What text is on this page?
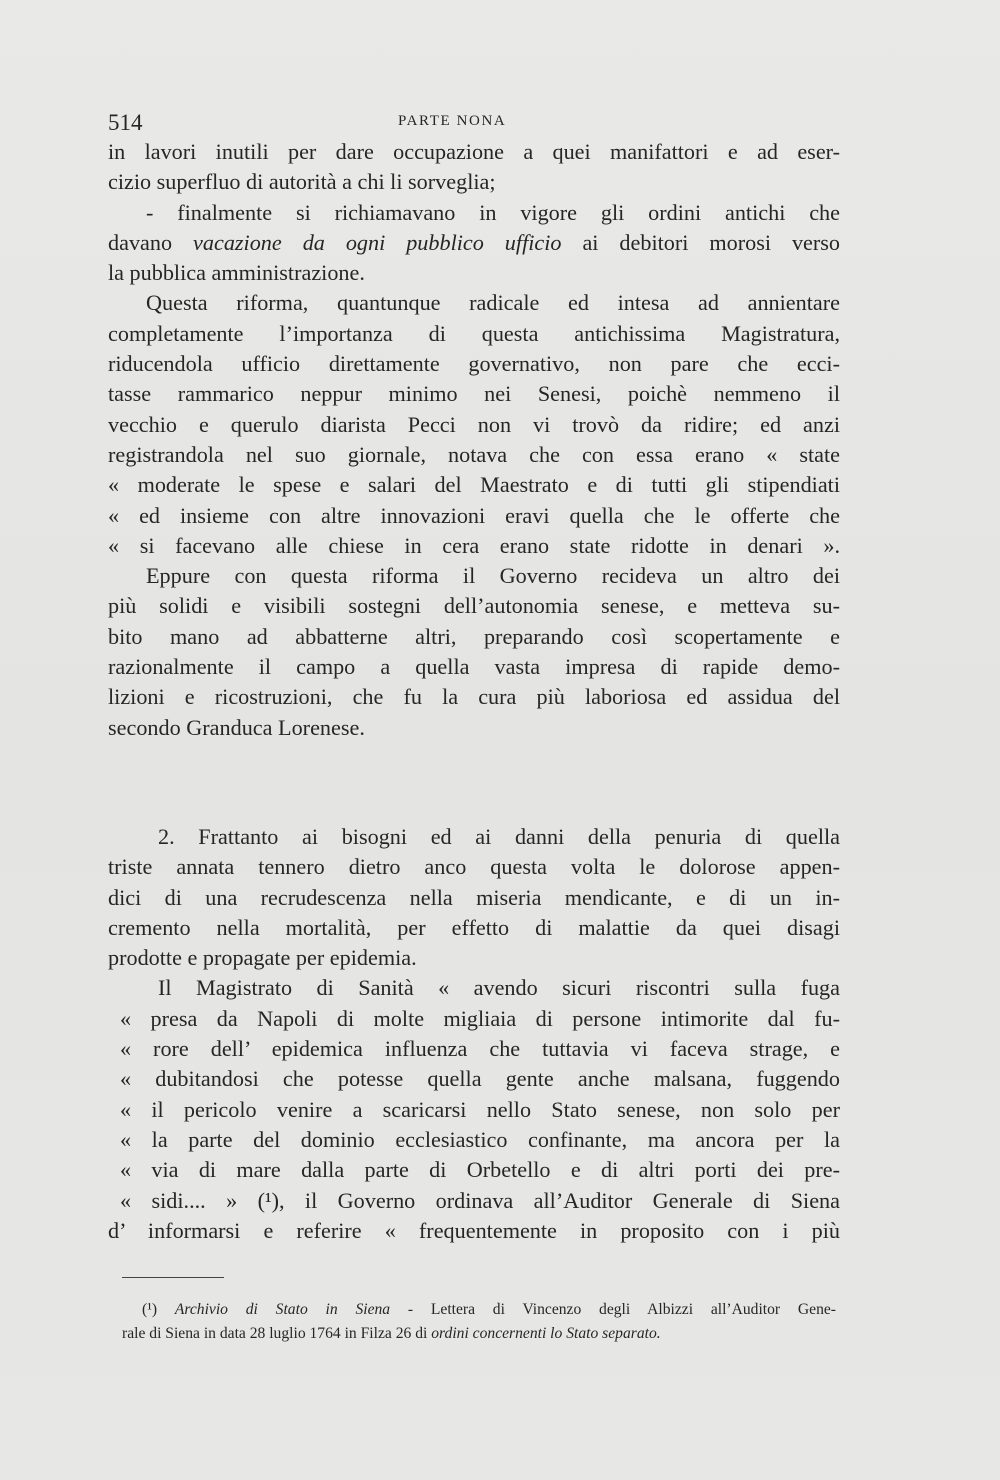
514	PARTE NONA
in lavori inutili per dare occupazione a quei manifattori e ad eser-
cizio superfluo di autorità a chi li sorveglia;
- finalmente si richiamavano in vigore gli ordini antichi che
davano vacazione da ogni pubblico ufficio ai debitori morosi verso
la pubblica amministrazione.
Questa riforma, quantunque radicale ed intesa ad annientare
completamente l’importanza di questa antichissima Magistratura,
riducendola ufficio direttamente governativo, non pare che ecci-
tasse rammarico neppur minimo nei Senesi, poichè nemmeno il
vecchio e querulo diarista Pecci non vi trovò da ridire; ed anzi
registrandola nel suo giornale, notava che con essa erano « state
« moderate le spese e salari del Maestrato e di tutti gli stipendiati
« ed insieme con altre innovazioni eravi quella che le offerte che
« si facevano alle chiese in cera erano state ridotte in denari ».
Eppure con questa riforma il Governo recideva un altro dei
più solidi e visibili sostegni dell’autonomia senese, e metteva su-
bito mano ad abbatterne altri, preparando così scopertamente e
razionalmente il campo a quella vasta impresa di rapide demo-
lizioni e ricostruzioni, che fu la cura più laboriosa ed assidua del
secondo Granduca Lorenese.
2. Frattanto ai bisogni ed ai danni della penuria di quella
triste annata tennero dietro anco questa volta le dolorose appen-
dici di una recrudescenza nella miseria mendicante, e di un in-
cremento nella mortalità, per effetto di malattie da quei disagi
prodotte e propagate per epidemia.
Il Magistrato di Sanità « avendo sicuri riscontri sulla fuga
« presa da Napoli di molte migliaia di persone intimorite dal fu-
« rore dell’ epidemica influenza che tuttavia vi faceva strage, e
« dubitandosi che potesse quella gente anche malsana, fuggendo
« il pericolo venire a scaricarsi nello Stato senese, non solo per
« la parte del dominio ecclesiastico confinante, ma ancora per la
« via di mare dalla parte di Orbetello e di altri porti dei pre-
« sidi.... » (¹), il Governo ordinava all’Auditor Generale di Siena
d’ informarsi e referire « frequentemente in proposito con i più
(¹) Archivio di Stato in Siena - Lettera di Vincenzo degli Albizzi all’Auditor Gene-
rale di Siena in data 28 luglio 1764 in Filza 26 di ordini concernenti lo Stato separato.
